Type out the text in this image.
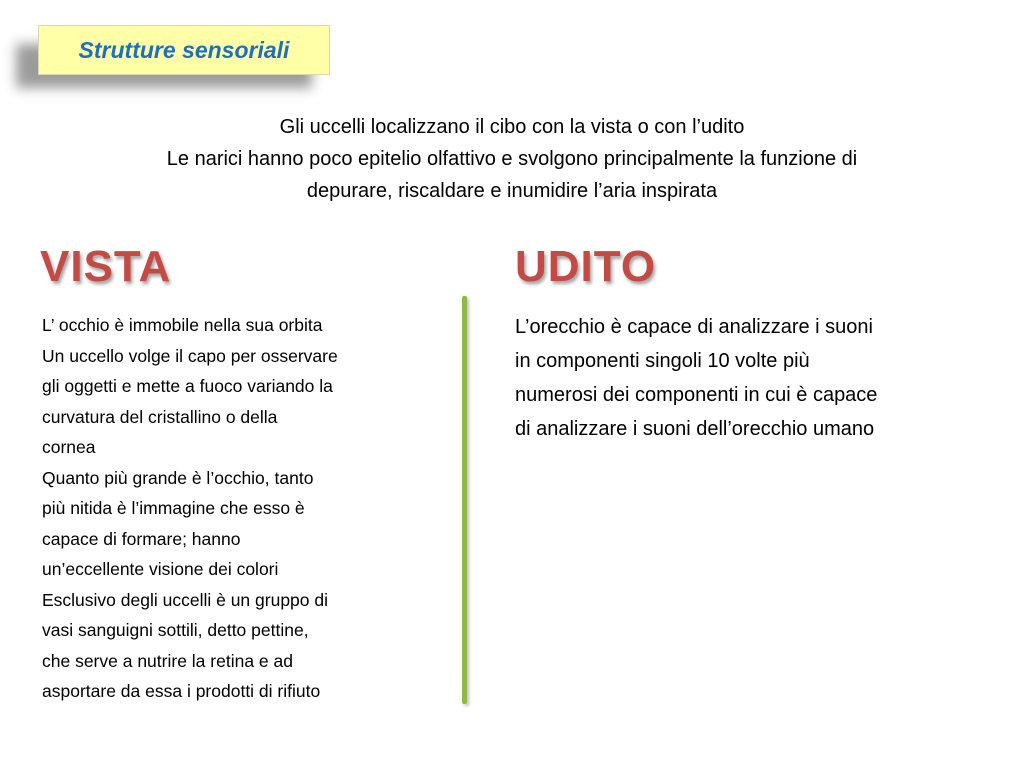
Strutture sensoriali
Gli uccelli localizzano il cibo con la vista o con l’udito
Le narici hanno poco epitelio olfattivo e svolgono principalmente la funzione di
depurare, riscaldare e inumidire l’aria inspirata
VISTA
L’ occhio è immobile nella sua orbita
Un uccello volge il capo per osservare
gli oggetti e mette a fuoco variando la
curvatura del cristallino o della
cornea
Quanto più grande è l’occhio, tanto
più nitida è l’immagine che esso è
capace di formare; hanno
un’eccellente visione dei colori
Esclusivo degli uccelli è un gruppo di
vasi sanguigni sottili, detto pettine,
che serve a nutrire la retina e ad
asportare da essa i prodotti di rifiuto
UDITO
L’orecchio è capace di analizzare i suoni
in componenti singoli 10 volte più
numerosi dei componenti in cui è capace
di analizzare i suoni dell’orecchio umano
